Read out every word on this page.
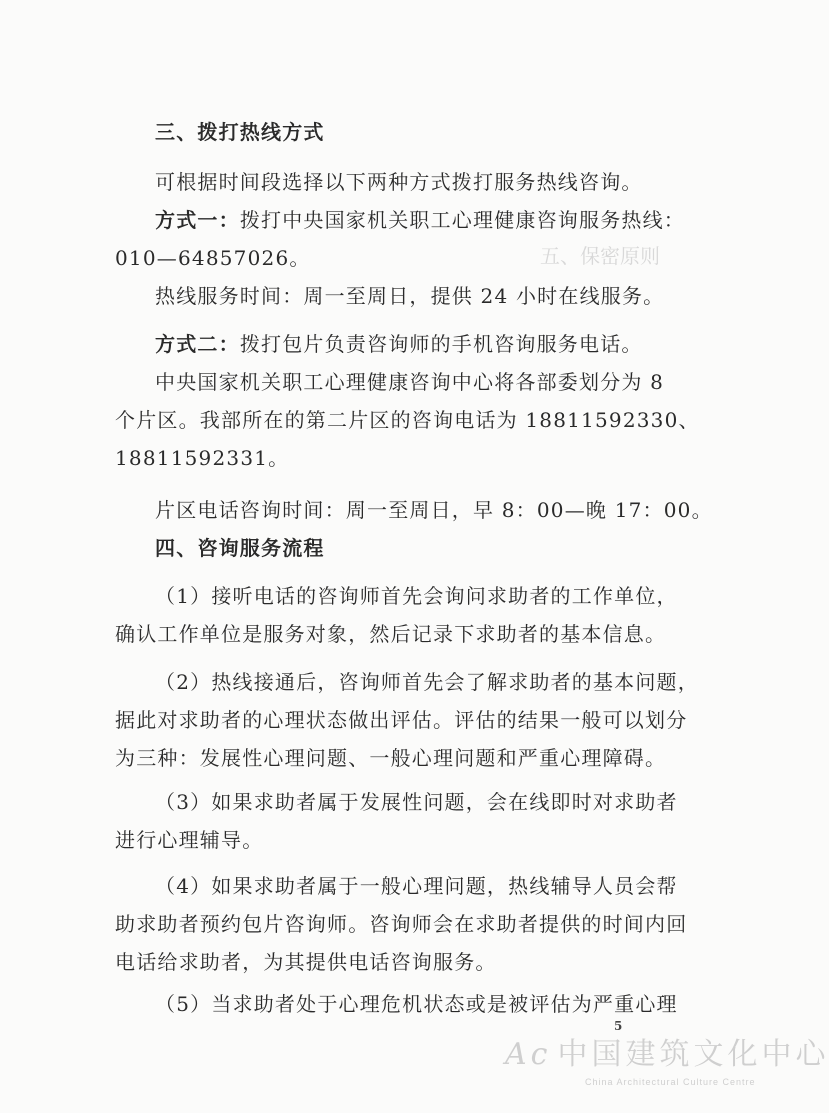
五、保密原则
三、拨打热线方式
可根据时间段选择以下两种方式拨打服务热线咨询。
方式一：拨打中央国家机关职工心理健康咨询服务热线：
010—64857026。
热线服务时间：周一至周日，提供 24 小时在线服务。
方式二：拨打包片负责咨询师的手机咨询服务电话。
中央国家机关职工心理健康咨询中心将各部委划分为 8
个片区。我部所在的第二片区的咨询电话为 18811592330、
18811592331。
片区电话咨询时间：周一至周日，早 8：00—晚 17：00。
四、咨询服务流程
（1）接听电话的咨询师首先会询问求助者的工作单位，
确认工作单位是服务对象，然后记录下求助者的基本信息。
（2）热线接通后，咨询师首先会了解求助者的基本问题，
据此对求助者的心理状态做出评估。评估的结果一般可以划分
为三种：发展性心理问题、一般心理问题和严重心理障碍。
（3）如果求助者属于发展性问题，会在线即时对求助者
进行心理辅导。
（4）如果求助者属于一般心理问题，热线辅导人员会帮
助求助者预约包片咨询师。咨询师会在求助者提供的时间内回
电话给求助者，为其提供电话咨询服务。
（5）当求助者处于心理危机状态或是被评估为严重心理
5
Ac 中国建筑文化中心
China Architectural Culture Centre
